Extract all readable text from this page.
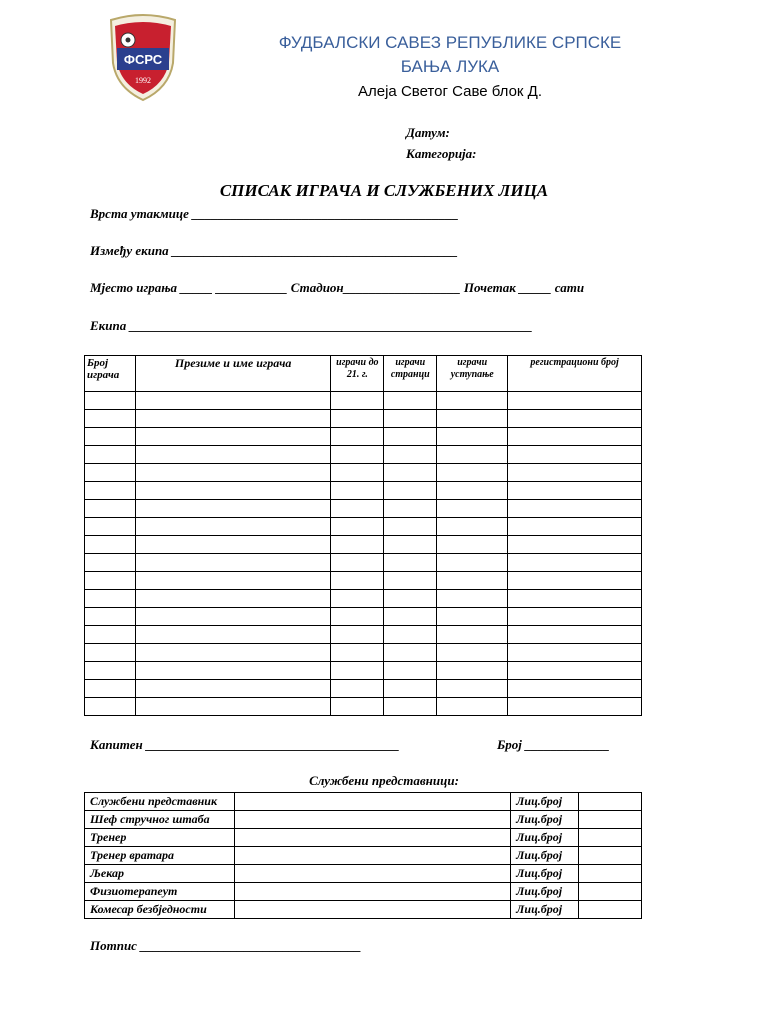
ФСРС
1992
ФУДБАЛСКИ САВЕЗ РЕПУБЛИКЕ СРПСКЕ
БАЊА ЛУКА
Алеја Светог Саве блок Д.
Датум:
Категорија:
СПИСАК ИГРАЧА И СЛУЖБЕНИХ ЛИЦА
Врста утакмице _________________________________________
Између екипа ____________________________________________
Мјесто играња _____ ___________ Стадион__________________ Почетак _____ сати
Екипа ______________________________________________________________
Број играча	Презиме и име играча	играчи до 21. г.	играчи странци	играчи уступање	регистрациони број

Капитен _______________________________________	Број _____________
Службени представници:
Службени представник		Лиц.број	
Шеф стручног штаба		Лиц.број	
Тренер		Лиц.број	
Тренер вратара		Лиц.број	
Љекар		Лиц.број	
Физиотерапеут		Лиц.број	
Комесар безбједности		Лиц.број	
Потпис __________________________________
